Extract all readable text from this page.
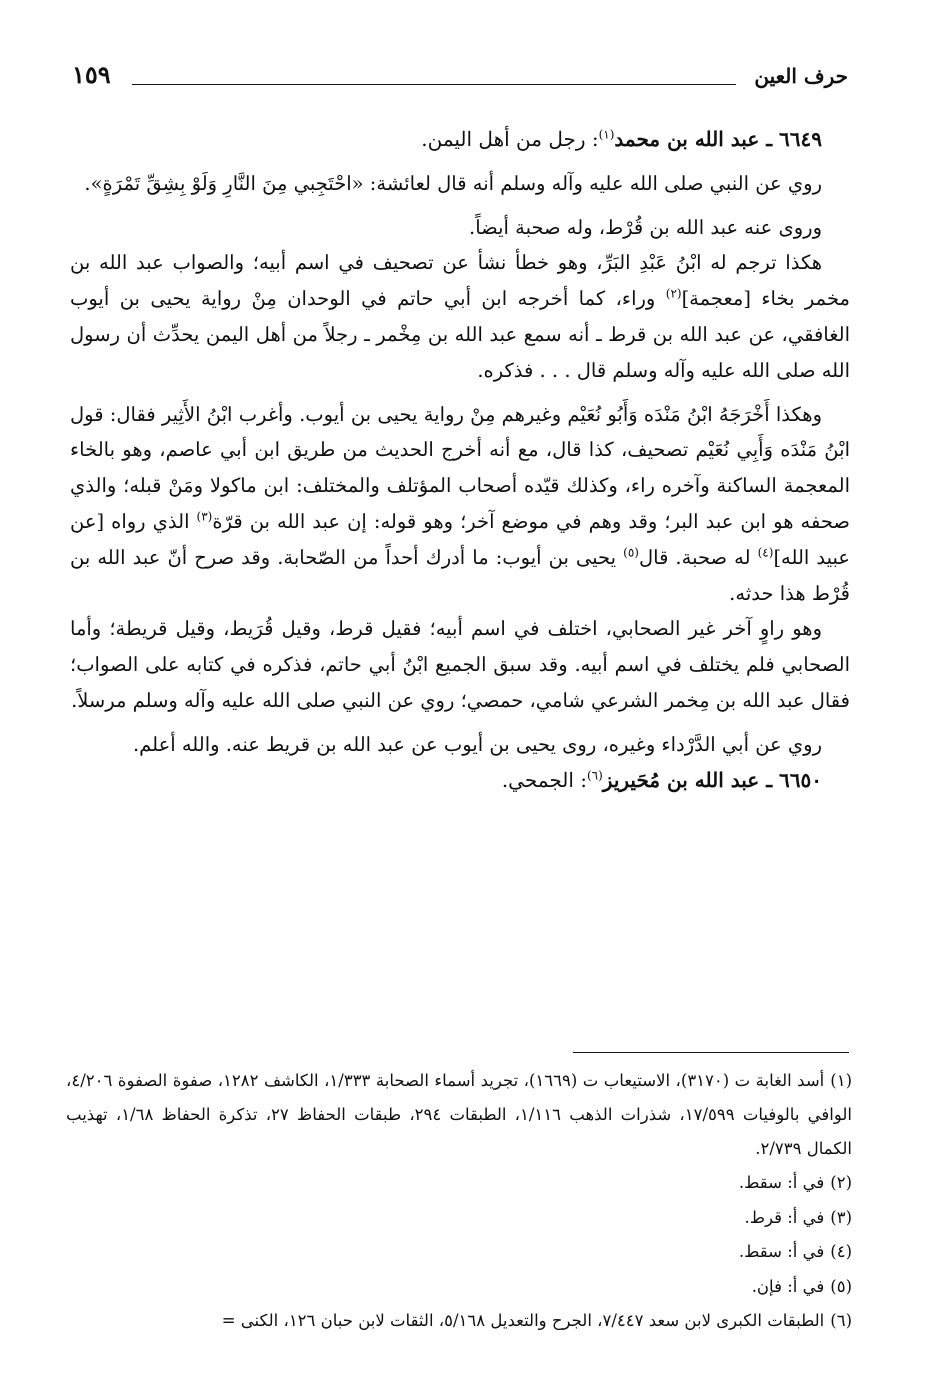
حرف العين
١٥٩

٦٦٤٩ ـ عبد الله بن محمد$^{(١)}$: رجل من أهل اليمن.

روي عن النبي صلى الله عليه وآله وسلم أنه قال لعائشة: «احْتَجِبي مِنَ النَّارِ وَلَوْ بِشِقِّ تَمْرَةٍ».

وروى عنه عبد الله بن قُرْط، وله صحبة أيضاً.

هكذا ترجم له ابْنُ عَبْدِ البَرِّ، وهو خطأ نشأ عن تصحيف في اسم أبيه؛ والصواب عبد الله بن مخمر بخاء [معجمة]$^{(٢)}$ وراء، كما أخرجه ابن أبي حاتم في الوحدان مِنْ رواية يحيى بن أيوب الغافقي، عن عبد الله بن قرط ـ أنه سمع عبد الله بن مِخْمر ـ رجلاً من أهل اليمن يحدِّث أن رسول الله صلى الله عليه وآله وسلم قال . . . فذكره.

وهكذا أَخْرَجَهُ ابْنُ مَنْدَه وَأَبُو نُعَيْم وغيرهم مِنْ رواية يحيى بن أيوب. وأغرب ابْنُ الأَثِير فقال: قول ابْنُ مَنْدَه وَأَبِي نُعَيْم تصحيف، كذا قال، مع أنه أخرج الحديث من طريق ابن أبي عاصم، وهو بالخاء المعجمة الساكنة وآخره راء، وكذلك قيّده أصحاب المؤتلف والمختلف: ابن ماكولا ومَنْ قبله؛ والذي صحفه هو ابن عبد البر؛ وقد وهم في موضع آخر؛ وهو قوله: إن عبد الله بن قرّة$^{(٣)}$ الذي رواه [عن عبيد الله]$^{(٤)}$ له صحبة. قال$^{(٥)}$ يحيى بن أيوب: ما أدرك أحداً من الصّحابة. وقد صرح أنّ عبد الله بن قُرْط هذا حدثه.

وهو راوٍ آخر غير الصحابي، اختلف في اسم أبيه؛ فقيل قرط، وقيل قُرَيط، وقيل قريطة؛ وأما الصحابي فلم يختلف في اسم أبيه. وقد سبق الجميع ابْنُ أبي حاتم، فذكره في كتابه على الصواب؛ فقال عبد الله بن مِخمر الشرعي شامي، حمصي؛ روي عن النبي صلى الله عليه وآله وسلم مرسلاً.

روي عن أبي الدَّرْداء وغيره، روى يحيى بن أيوب عن عبد الله بن قريط عنه. والله أعلم.

٦٦٥٠ ـ عبد الله بن مُحَيريز$^{(٦)}$: الجمحي.

(١)أسد الغابة ت (٣١٧٠)، الاستيعاب ت (١٦٦٩)، تجريد أسماء الصحابة ١/٣٣٣، الكاشف ١٢٨٢، صفوة الصفوة ٤/٢٠٦، الوافي بالوفيات ١٧/٥٩٩، شذرات الذهب ١/١١٦، الطبقات ٢٩٤، طبقات الحفاظ ٢٧، تذكرة الحفاظ ١/٦٨، تهذيب الكمال ٢/٧٣٩.

(٢)في أ: سقط.

(٣)في أ: قرط.

(٤)في أ: سقط.

(٥)في أ: فإن.

(٦)الطبقات الكبرى لابن سعد ٧/٤٤٧، الجرح والتعديل ٥/١٦٨، الثقات لابن حبان ١٢٦، الكنى =
